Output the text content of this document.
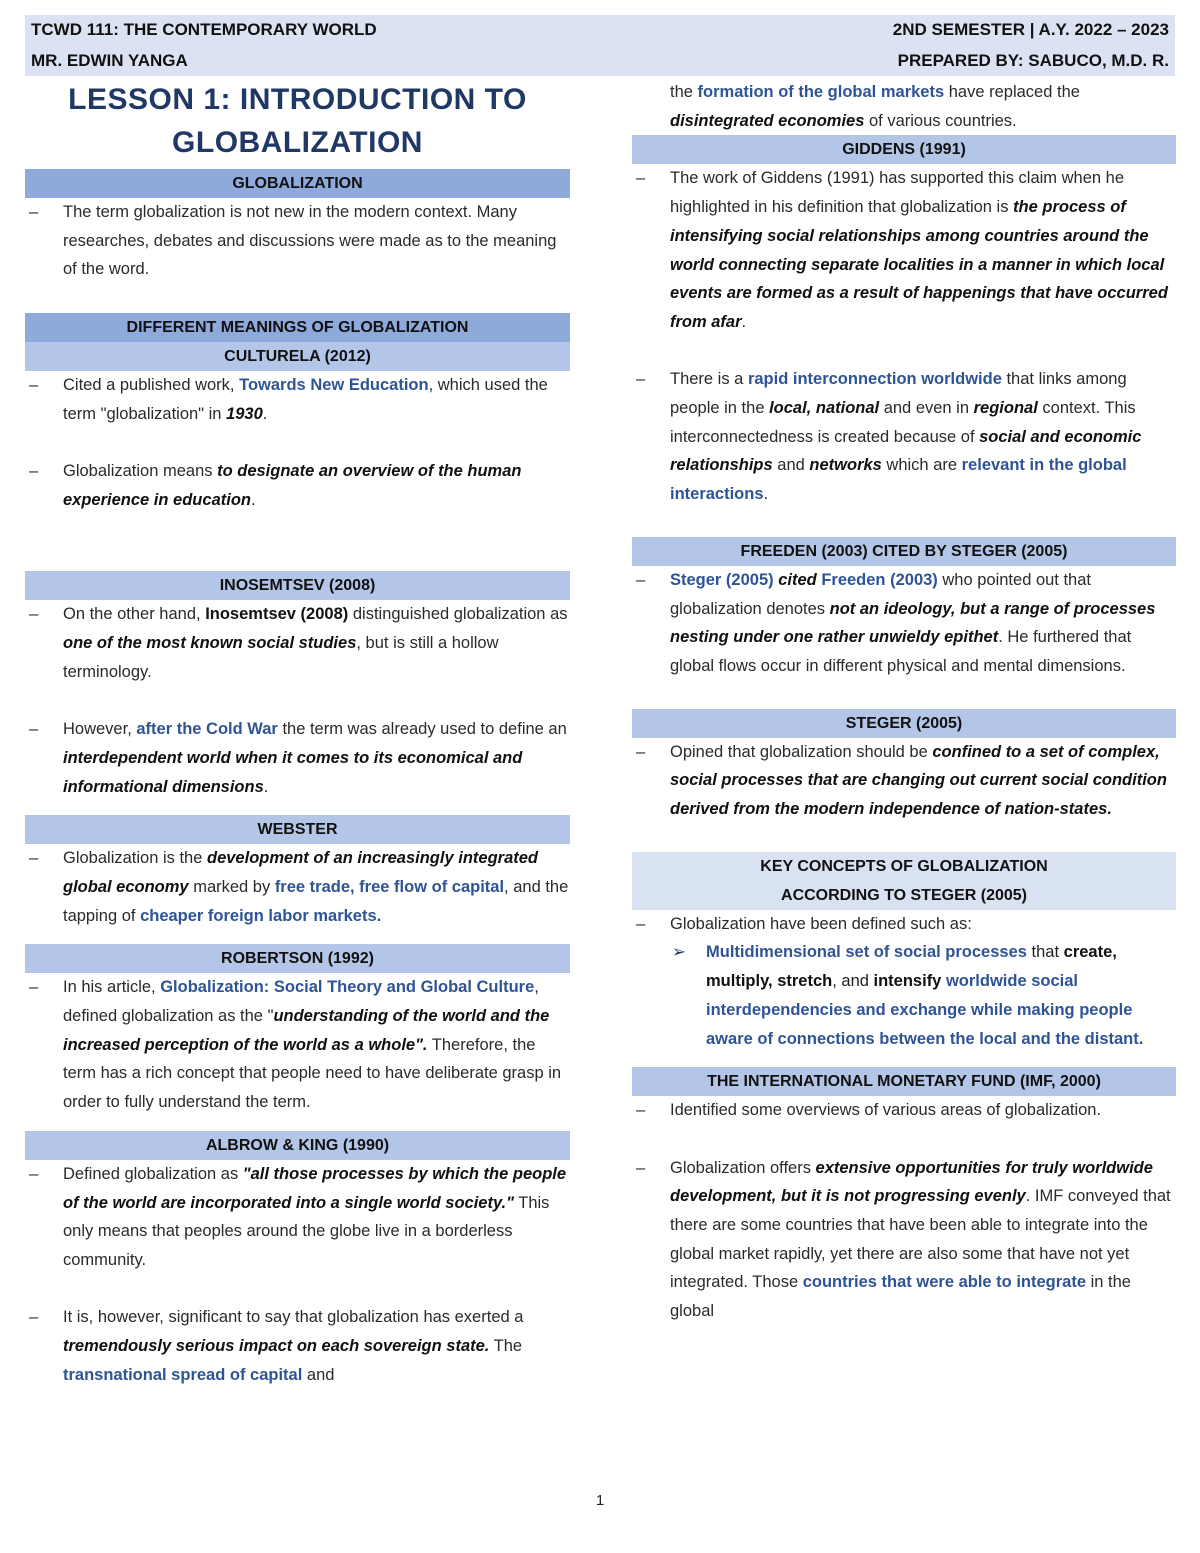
TCWD 111: THE CONTEMPORARY WORLD	2ND SEMESTER | A.Y. 2022 – 2023
MR. EDWIN YANGA	PREPARED BY: SABUCO, M.D. R.
LESSON 1: INTRODUCTION TO
GLOBALIZATION
GLOBALIZATION
–	The term globalization is not new in the modern context. Many researches, debates and discussions were made as to the meaning of the word.
DIFFERENT MEANINGS OF GLOBALIZATION
CULTURELA (2012)
–	Cited a published work, Towards New Education, which used the term "globalization" in 1930.
–	Globalization means to designate an overview of the human experience in education.
INOSEMTSEV (2008)
–	On the other hand, Inosemtsev (2008) distinguished globalization as one of the most known social studies, but is still a hollow terminology.
–	However, after the Cold War the term was already used to define an interdependent world when it comes to its economical and informational dimensions.
WEBSTER
–	Globalization is the development of an increasingly integrated global economy marked by free trade, free flow of capital, and the tapping of cheaper foreign labor markets.
ROBERTSON (1992)
–	In his article, Globalization: Social Theory and Global Culture, defined globalization as the "understanding of the world and the increased perception of the world as a whole". Therefore, the term has a rich concept that people need to have deliberate grasp in order to fully understand the term.
ALBROW & KING (1990)
–	Defined globalization as "all those processes by which the people of the world are incorporated into a single world society." This only means that peoples around the globe live in a borderless community.
–	It is, however, significant to say that globalization has exerted a tremendously serious impact on each sovereign state. The transnational spread of capital and
the formation of the global markets have replaced the disintegrated economies of various countries.
GIDDENS (1991)
–	The work of Giddens (1991) has supported this claim when he highlighted in his definition that globalization is the process of intensifying social relationships among countries around the world connecting separate localities in a manner in which local events are formed as a result of happenings that have occurred from afar.
–	There is a rapid interconnection worldwide that links among people in the local, national and even in regional context. This interconnectedness is created because of social and economic relationships and networks which are relevant in the global interactions.
FREEDEN (2003) CITED BY STEGER (2005)
–	Steger (2005) cited Freeden (2003) who pointed out that globalization denotes not an ideology, but a range of processes nesting under one rather unwieldy epithet. He furthered that global flows occur in different physical and mental dimensions.
STEGER (2005)
–	Opined that globalization should be confined to a set of complex, social processes that are changing out current social condition derived from the modern independence of nation-states.
KEY CONCEPTS OF GLOBALIZATION
ACCORDING TO STEGER (2005)
–	Globalization have been defined such as:
➢ Multidimensional set of social processes that create, multiply, stretch, and intensify worldwide social interdependencies and exchange while making people aware of connections between the local and the distant.
THE INTERNATIONAL MONETARY FUND (IMF, 2000)
–	Identified some overviews of various areas of globalization.
–	Globalization offers extensive opportunities for truly worldwide development, but it is not progressing evenly. IMF conveyed that there are some countries that have been able to integrate into the global market rapidly, yet there are also some that have not yet integrated. Those countries that were able to integrate in the global
1
